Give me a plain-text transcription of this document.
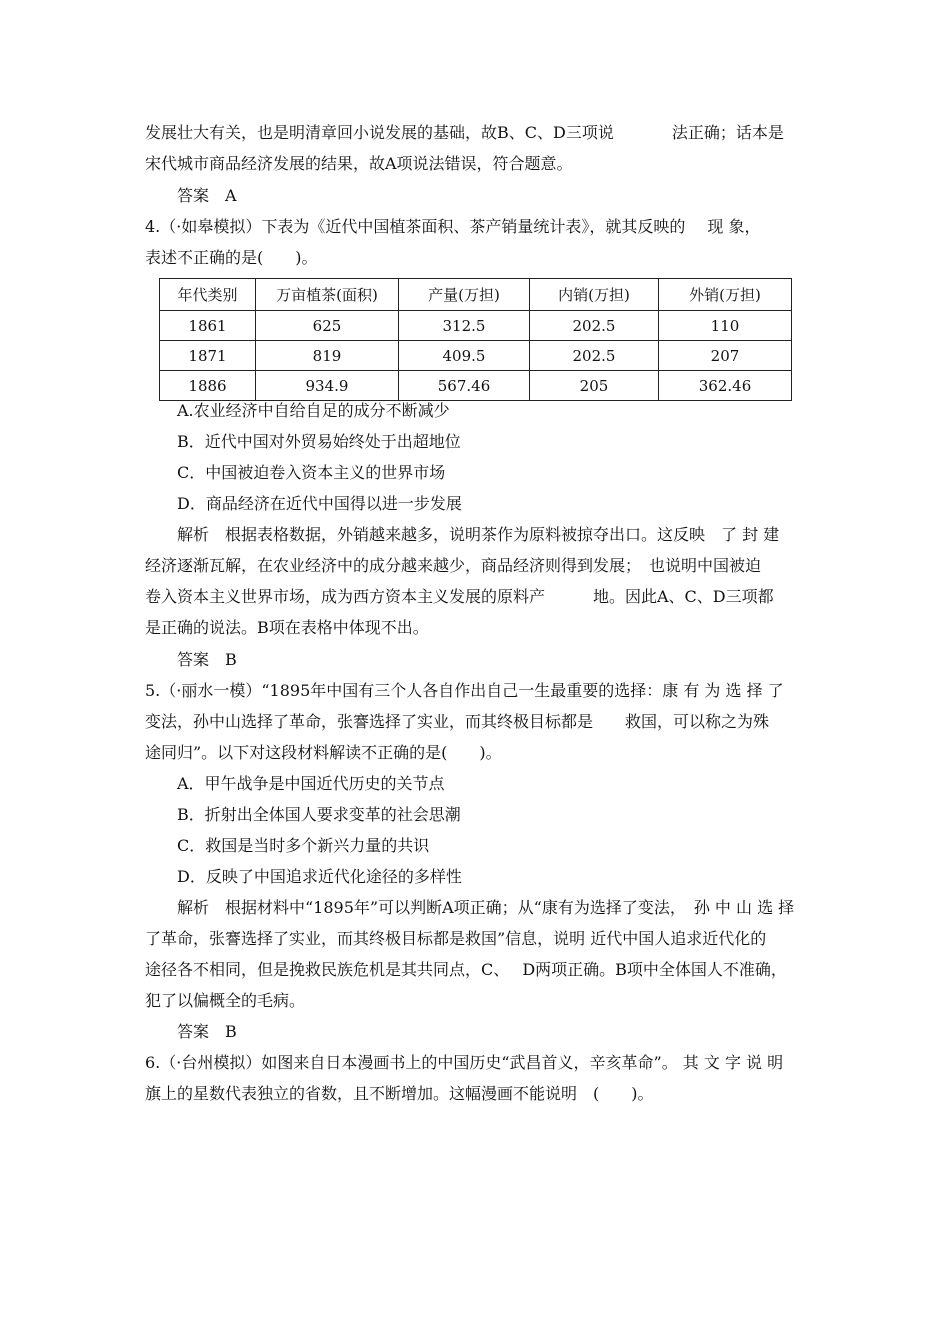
发展壮大有关，也是明清章回小说发展的基础，故B、C、D三项说	法正确；话本是
宋代城市商品经济发展的结果，故A项说法错误，符合题意。
答案　A
4.（·如皋模拟）下表为《近代中国植茶面积、茶产销量统计表》，就其反映的 现 象，
表述不正确的是(　　)。
年代类别	万亩植茶(面积)	产量(万担)	内销(万担)	外销(万担)
1861	625	312.5	202.5	110
1871	819	409.5	202.5	207
1886	934.9	567.46	205	362.46
A.农业经济中自给自足的成分不断减少
B．近代中国对外贸易始终处于出超地位
C．中国被迫卷入资本主义的世界市场
D．商品经济在近代中国得以进一步发展
解析　根据表格数据，外销越来越多，说明茶作为原料被掠夺出口。这反映　了 封 建
经济逐渐瓦解，在农业经济中的成分越来越少，商品经济则得到发展；　也说明中国被迫
卷入资本主义世界市场，成为西方资本主义发展的原料产　　　地。因此A、C、D三项都
是正确的说法。B项在表格中体现不出。
答案　B
5.（·丽水一模）“1895年中国有三个人各自作出自己一生最重要的选择：康 有 为 选 择 了
变法，孙中山选择了革命，张謇选择了实业，而其终极目标都是　　救国，可以称之为殊
途同归”。以下对这段材料解读不正确的是(　　)。
A．甲午战争是中国近代历史的关节点
B．折射出全体国人要求变革的社会思潮
C．救国是当时多个新兴力量的共识
D．反映了中国追求近代化途径的多样性
解析　根据材料中“1895年”可以判断A项正确；从“康有为选择了变法，　孙 中 山 选 择
了革命，张謇选择了实业，而其终极目标都是救国”信息，说明 近代中国人追求近代化的
途径各不相同，但是挽救民族危机是其共同点，C、　 D两项正确。B项中全体国人不准确，
犯了以偏概全的毛病。
答案　B
6.（·台州模拟）如图来自日本漫画书上的中国历史“武昌首义，辛亥革命”。 其 文 字 说 明
旗上的星数代表独立的省数，且不断增加。这幅漫画不能说明　(　　)。
